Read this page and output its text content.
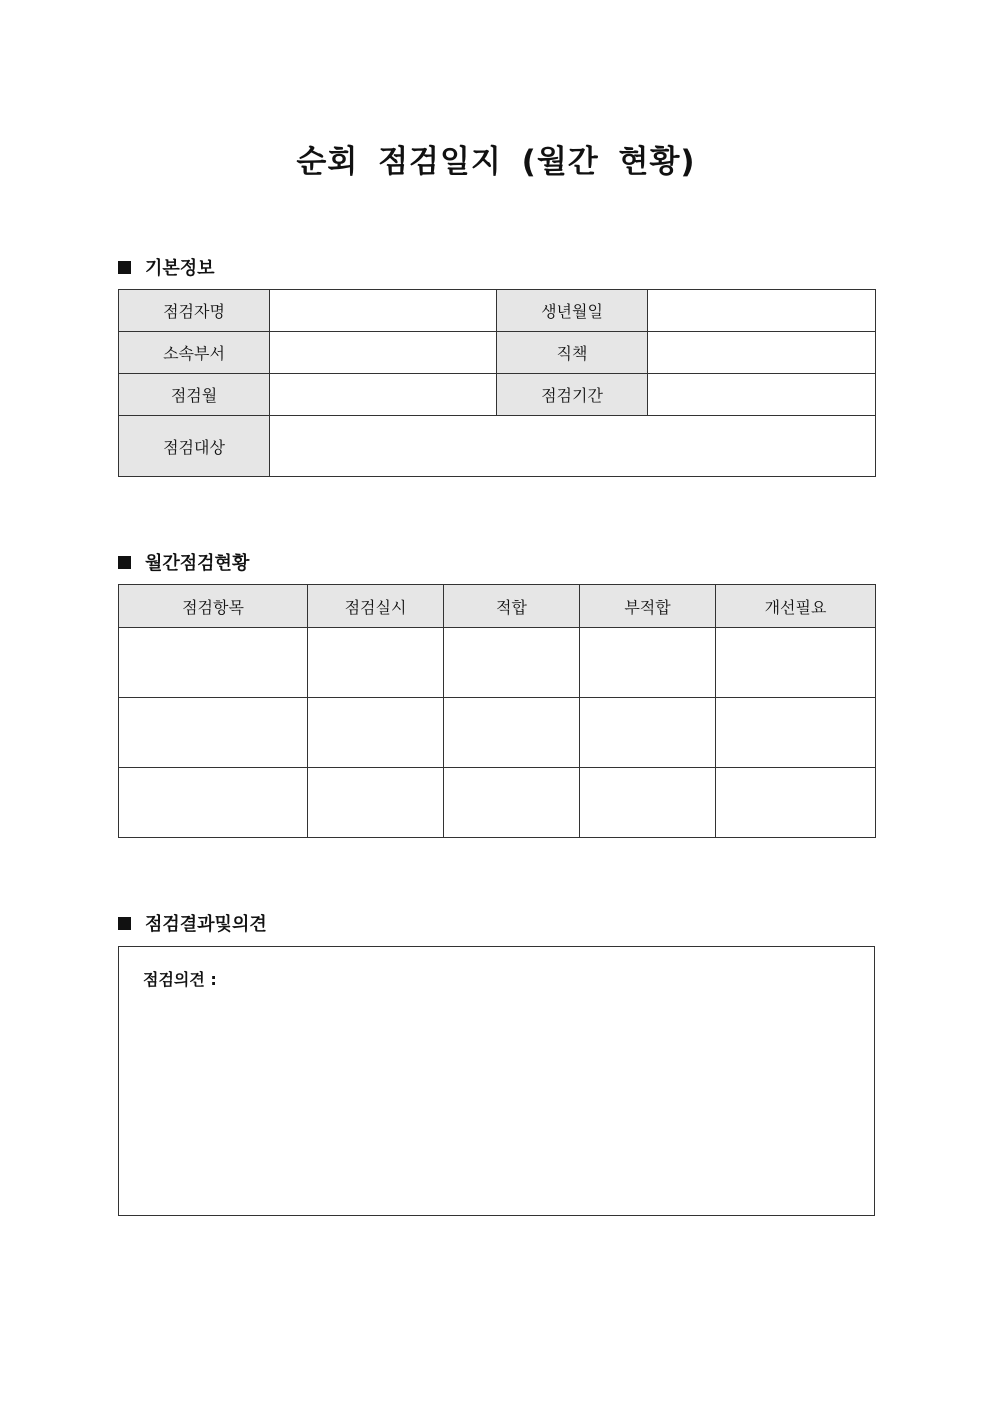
순회 점검일지 (월간 현황)
기본정보
점검자명		생년월일	
소속부서		직책	
점검월		점검기간	
점검대상			
월간점검현황
점검항목	점검실시	적합	부적합	개선필요

점검결과및의견
점검의견 :
